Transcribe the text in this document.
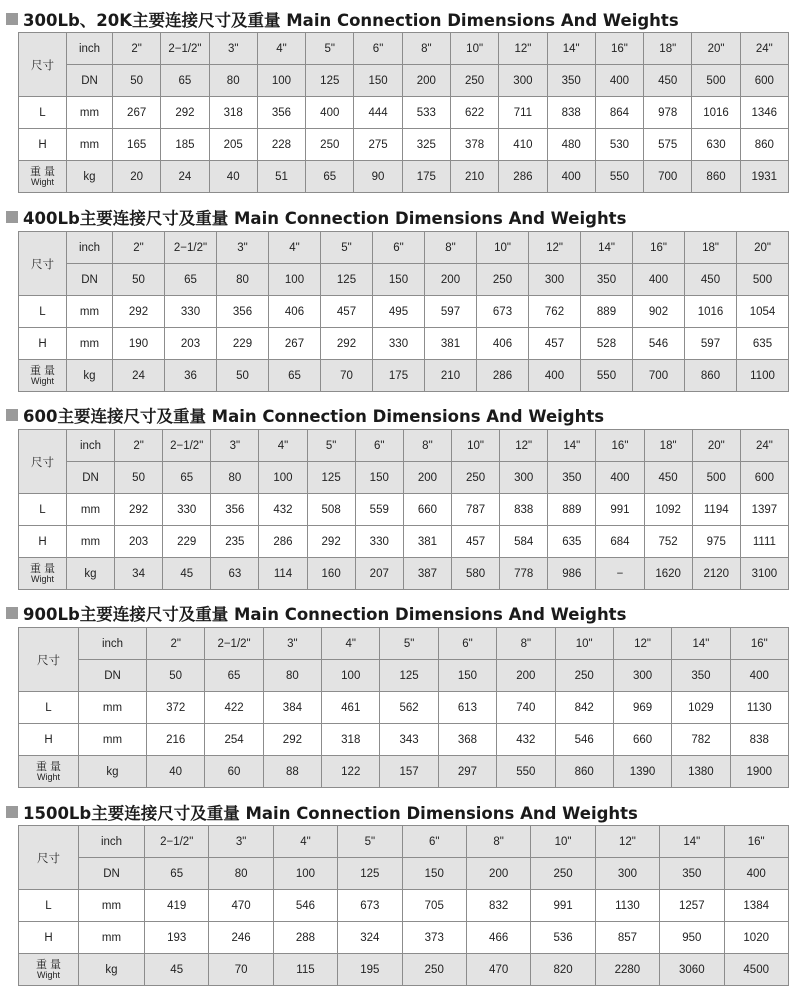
300Lb、20K主要连接尺寸及重量 Main Connection Dimensions And Weights
尺寸	inch	2"	2−1/2"	3"	4"	5"	6"	8"	10"	12"	14"	16"	18"	20"	24"
	DN	50	65	80	100	125	150	200	250	300	350	400	450	500	600
L	mm	267	292	318	356	400	444	533	622	711	838	864	978	1016	1346
H	mm	165	185	205	228	250	275	325	378	410	480	530	575	630	860

重 量
Wight	kg	20	24	40	51	65	90	175	210	286	400	550	700	860	1931
400Lb主要连接尺寸及重量 Main Connection Dimensions And Weights
尺寸	inch	2"	2−1/2"	3"	4"	5"	6"	8"	10"	12"	14"	16"	18"	20"
	DN	50	65	80	100	125	150	200	250	300	350	400	450	500
L	mm	292	330	356	406	457	495	597	673	762	889	902	1016	1054
H	mm	190	203	229	267	292	330	381	406	457	528	546	597	635

重 量
Wight	kg	24	36	50	65	70	175	210	286	400	550	700	860	1100
600主要连接尺寸及重量 Main Connection Dimensions And Weights
尺寸	inch	2"	2−1/2"	3"	4"	5"	6"	8"	10"	12"	14"	16"	18"	20"	24"
	DN	50	65	80	100	125	150	200	250	300	350	400	450	500	600
L	mm	292	330	356	432	508	559	660	787	838	889	991	1092	1194	1397
H	mm	203	229	235	286	292	330	381	457	584	635	684	752	975	1111

重 量
Wight	kg	34	45	63	114	160	207	387	580	778	986	−	1620	2120	3100
900Lb主要连接尺寸及重量 Main Connection Dimensions And Weights
尺寸	inch	2"	2−1/2"	3"	4"	5"	6"	8"	10"	12"	14"	16"
	DN	50	65	80	100	125	150	200	250	300	350	400
L	mm	372	422	384	461	562	613	740	842	969	1029	1130
H	mm	216	254	292	318	343	368	432	546	660	782	838

重 量
Wight	kg	40	60	88	122	157	297	550	860	1390	1380	1900
1500Lb主要连接尺寸及重量 Main Connection Dimensions And Weights
尺寸	inch	2−1/2"	3"	4"	5"	6"	8"	10"	12"	14"	16"
	DN	65	80	100	125	150	200	250	300	350	400
L	mm	419	470	546	673	705	832	991	1130	1257	1384
H	mm	193	246	288	324	373	466	536	857	950	1020

重 量
Wight	kg	45	70	115	195	250	470	820	2280	3060	4500
